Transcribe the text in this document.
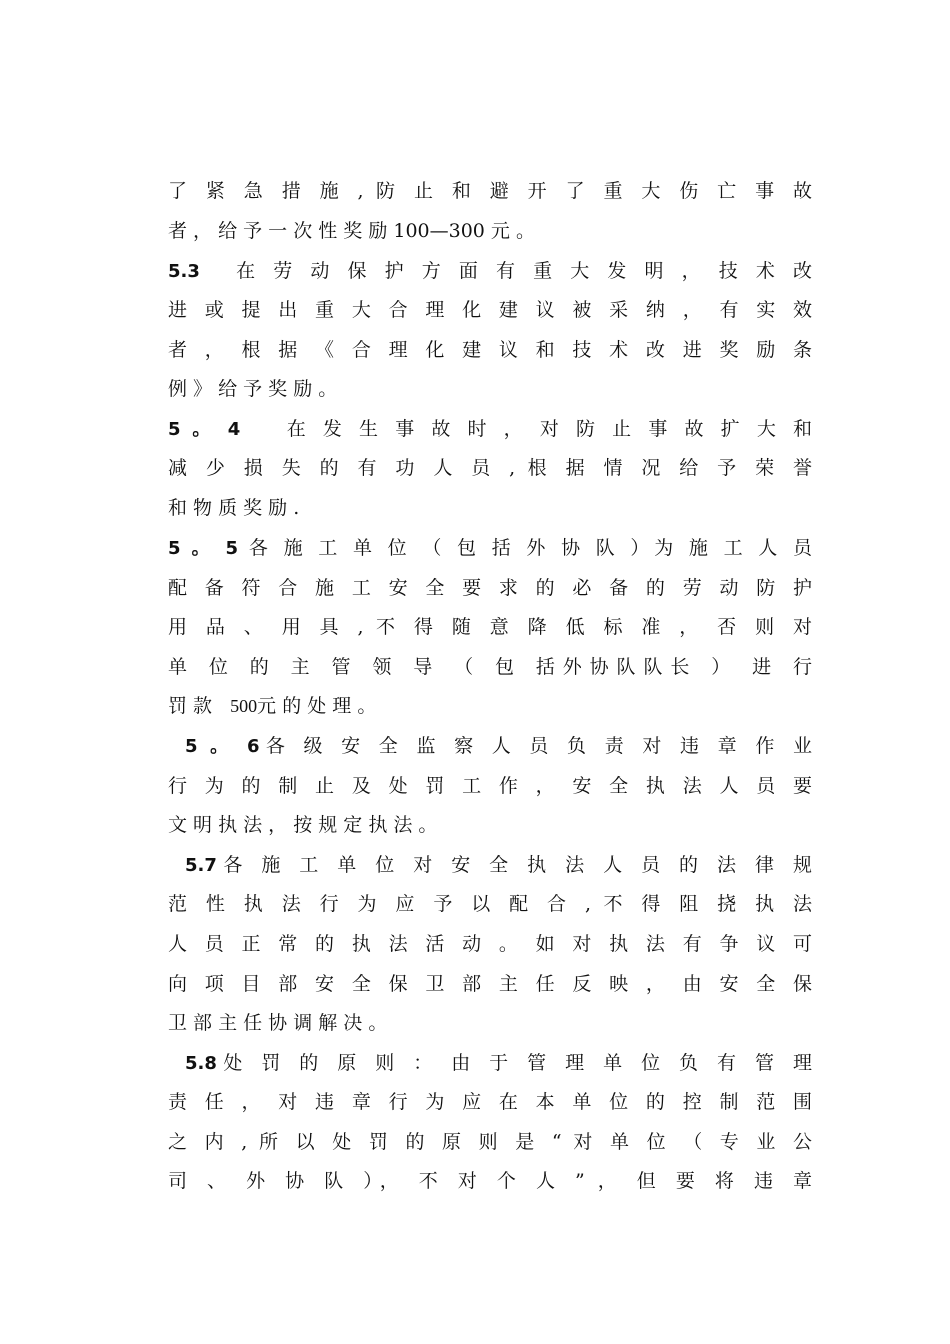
了 紧 急 措 施 , 防 止 和 避 开 了 重 大 伤 亡 事 故
者 ， 给 予 一 次 性 奖 励 100—300 元 。
5.3 在 劳 动 保 护 方 面 有 重 大 发 明 ， 技 术 改
进 或 提 出 重 大 合 理 化 建 议 被 采 纳 ， 有 实 效
者 ， 根 据 《 合 理 化 建 议 和 技 术 改 进 奖 励 条
例 》 给 予 奖 励 。
5 。 4 在 发 生 事 故 时 ， 对 防 止 事 故 扩 大 和
减 少 损 失 的 有 功 人 员 , 根 据 情 况 给 予 荣 誉
和 物 质 奖 励 .
5 。 5 各 施 工 单 位 （ 包 括 外 协 队 ）为 施 工 人 员
配 备 符 合 施 工 安 全 要 求 的 必 备 的 劳 动 防 护
用 品 、 用 具 , 不 得 随 意 降 低 标 准 ， 否 则 对
单 位 的 主 管 领 导 （ 包 括外协队队长 ） 进 行
罚 款 500元 的 处 理 。
5 。 6各 级 安 全 监 察 人 员 负 责 对 违 章 作 业
行 为 的 制 止 及 处 罚 工 作 ， 安 全 执 法 人 员 要
文 明 执 法 ， 按 规 定 执 法 。
5.7各 施 工 单 位 对 安 全 执 法 人 员 的 法 律 规
范 性 执 法 行 为 应 予 以 配 合 , 不 得 阻 挠 执 法
人 员 正 常 的 执 法 活 动 。 如 对 执 法 有 争 议 可
向 项 目 部 安 全 保 卫 部 主 任 反 映 ， 由 安 全 保
卫 部 主 任 协 调 解 决 。
5.8处 罚 的 原 则 ： 由 于 管 理 单 位 负 有 管 理
责 任 ， 对 违 章 行 为 应 在 本 单 位 的 控 制 范 围
之 内 , 所 以 处 罚 的 原 则 是 “ 对 单 位 （ 专 业 公
司 、 外 协 队 ）， 不 对 个 人 ” ， 但 要 将 违 章
